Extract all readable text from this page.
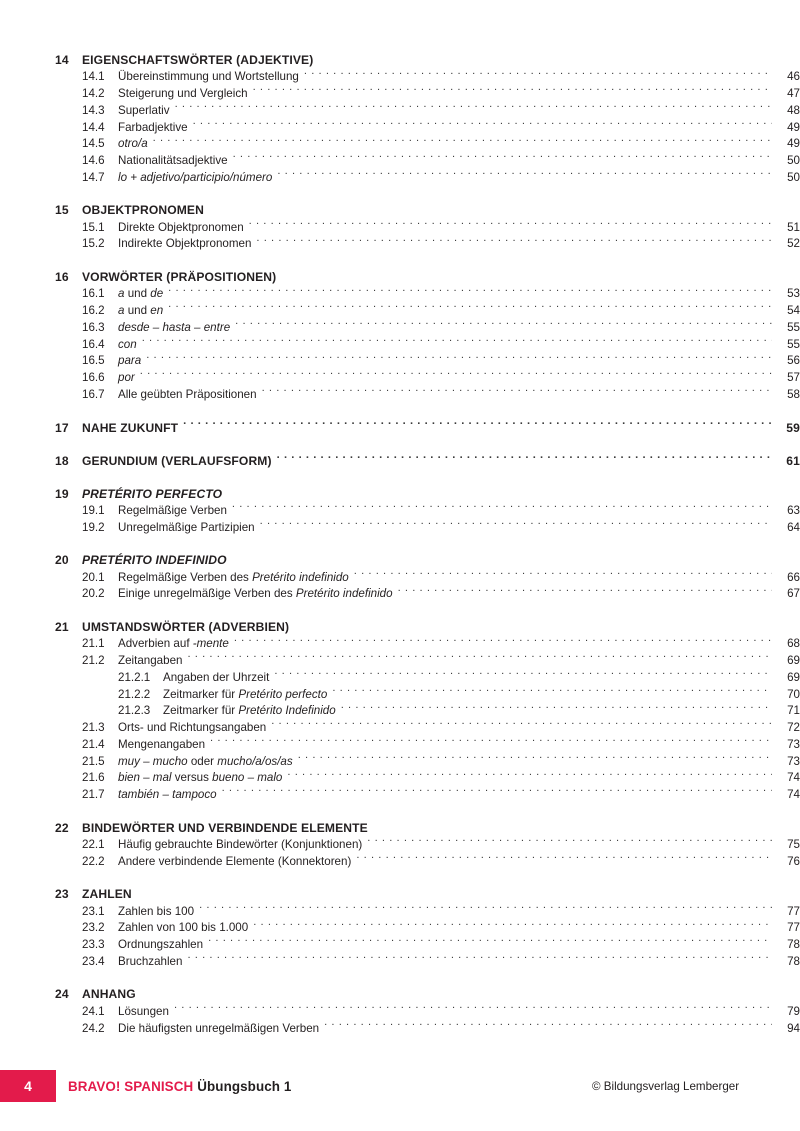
14	EIGENSCHAFTSWÖRTER (ADJEKTIVE)
14.1	Übereinstimmung und Wortstellung . . .	46
14.2	Steigerung und Vergleich . . .	47
14.3	Superlativ . . .	48
14.4	Farbadjektive . . .	49
14.5	otro/a . . .	49
14.6	Nationalitätsadjektive . . .	50
14.7	lo + adjetivo/participio/número . . .	50
15	OBJEKTPRONOMEN
15.1	Direkte Objektpronomen . . .	51
15.2	Indirekte Objektpronomen . . .	52
16	VORWÖRTER (PRÄPOSITIONEN)
16.1	a und de . . .	53
16.2	a und en . . .	54
16.3	desde – hasta – entre . . .	55
16.4	con . . .	55
16.5	para . . .	56
16.6	por . . .	57
16.7	Alle geübten Präpositionen . . .	58
17	NAHE ZUKUNFT . . .	59
18	GERUNDIUM (VERLAUFSFORM) . . .	61
19	PRETÉRITO PERFECTO
19.1	Regelmäßige Verben . . .	63
19.2	Unregelmäßige Partizipien . . .	64
20	PRETÉRITO INDEFINIDO
20.1	Regelmäßige Verben des Pretérito indefinido . . .	66
20.2	Einige unregelmäßige Verben des Pretérito indefinido . . .	67
21	UMSTANDSWÖRTER (ADVERBIEN)
21.1	Adverbien auf -mente . . .	68
21.2	Zeitangaben . . .	69
21.2.1	Angaben der Uhrzeit . . .	69
21.2.2	Zeitmarker für Pretérito perfecto . . .	70
21.2.3	Zeitmarker für Pretérito Indefinido . . .	71
21.3	Orts- und Richtungsangaben . . .	72
21.4	Mengenangaben . . .	73
21.5	muy – mucho oder mucho/a/os/as . . .	73
21.6	bien – mal versus bueno – malo . . .	74
21.7	también – tampoco . . .	74
22	BINDEWÖRTER UND VERBINDENDE ELEMENTE
22.1	Häufig gebrauchte Bindewörter (Konjunktionen) . . .	75
22.2	Andere verbindende Elemente (Konnektoren) . . .	76
23	ZAHLEN
23.1	Zahlen bis 100 . . .	77
23.2	Zahlen von 100 bis 1.000 . . .	77
23.3	Ordnungszahlen . . .	78
23.4	Bruchzahlen . . .	78
24	ANHANG
24.1	Lösungen . . .	79
24.2	Die häufigsten unregelmäßigen Verben . . .	94
4	BRAVO! SPANISCH Übungsbuch 1	© Bildungsverlag Lemberger
